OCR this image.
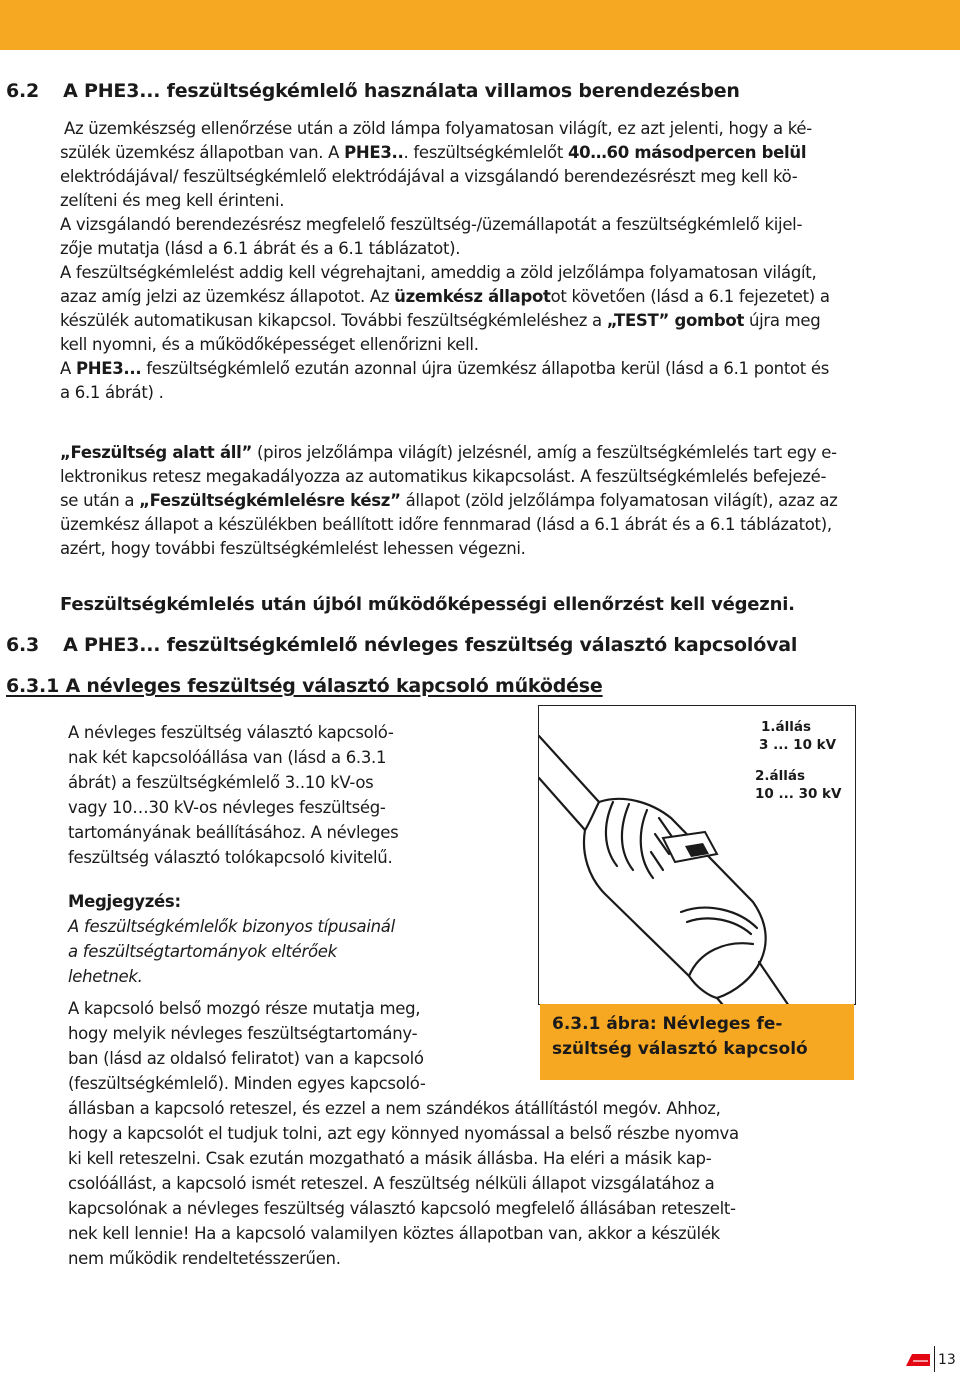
6.2 A PHE3... feszültségkémlelő használata villamos berendezésben
Az üzemkészség ellenőrzése után a zöld lámpa folyamatosan világít, ez azt jelenti, hogy a ké-
szülék üzemkész állapotban van. A PHE3... feszültségkémlelőt 40…60 másodpercen belül
elektródájával/ feszültségkémlelő elektródájával a vizsgálandó berendezésrészt meg kell kö-
zelíteni és meg kell érinteni.
A vizsgálandó berendezésrész megfelelő feszültség-/üzemállapotát a feszültségkémlelő kijel-
zője mutatja (lásd a 6.1 ábrát és a 6.1 táblázatot).
A feszültségkémlelést addig kell végrehajtani, ameddig a zöld jelzőlámpa folyamatosan világít,
azaz amíg jelzi az üzemkész állapotot. Az üzemkész állapotot követően (lásd a 6.1 fejezetet) a
készülék automatikusan kikapcsol. További feszültségkémleléshez a „TEST” gombot újra meg
kell nyomni, és a működőképességet ellenőrizni kell.
A PHE3... feszültségkémlelő ezután azonnal újra üzemkész állapotba kerül (lásd a 6.1 pontot és
a 6.1 ábrát) .
„Feszültség alatt áll” (piros jelzőlámpa világít) jelzésnél, amíg a feszültségkémlelés tart egy e-
lektronikus retesz megakadályozza az automatikus kikapcsolást. A feszültségkémlelés befejezé-
se után a „Feszültségkémlelésre kész” állapot (zöld jelzőlámpa folyamatosan világít), azaz az
üzemkész állapot a készülékben beállított időre fennmarad (lásd a 6.1 ábrát és a 6.1 táblázatot),
azért, hogy további feszültségkémlelést lehessen végezni.
Feszültségkémlelés után újból működőképességi ellenőrzést kell végezni.
6.3 A PHE3... feszültségkémlelő névleges feszültség választó kapcsolóval
6.3.1 A névleges feszültség választó kapcsoló működése
A névleges feszültség választó kapcsoló-
nak két kapcsolóállása van (lásd a 6.3.1
ábrát) a feszültségkémlelő 3..10 kV-os
vagy 10…30 kV-os névleges feszültség-
tartományának beállításához. A névleges
feszültség választó tolókapcsoló kivitelű.
Megjegyzés:
A feszültségkémlelők bizonyos típusainál
a feszültségtartományok eltérőek
lehetnek.
A kapcsoló belső mozgó része mutatja meg,
hogy melyik névleges feszültségtartomány-
ban (lásd az oldalsó feliratot) van a kapcsoló
(feszültségkémlelő). Minden egyes kapcsoló-
állásban a kapcsoló reteszel, és ezzel a nem szándékos átállítástól megóv. Ahhoz,
hogy a kapcsolót el tudjuk tolni, azt egy könnyed nyomással a belső részbe nyomva
ki kell reteszelni. Csak ezután mozgatható a másik állásba. Ha eléri a másik kap-
csolóállást, a kapcsoló ismét reteszel. A feszültség nélküli állapot vizsgálatához a
kapcsolónak a névleges feszültség választó kapcsoló megfelelő állásában reteszelt-
nek kell lennie! Ha a kapcsoló valamilyen köztes állapotban van, akkor a készülék
nem működik rendeltetésszerűen.
1.állás
3 ... 10 kV
2.állás
10 ... 30 kV
6.3.1 ábra: Névleges fe-
szültség választó kapcsoló
13
